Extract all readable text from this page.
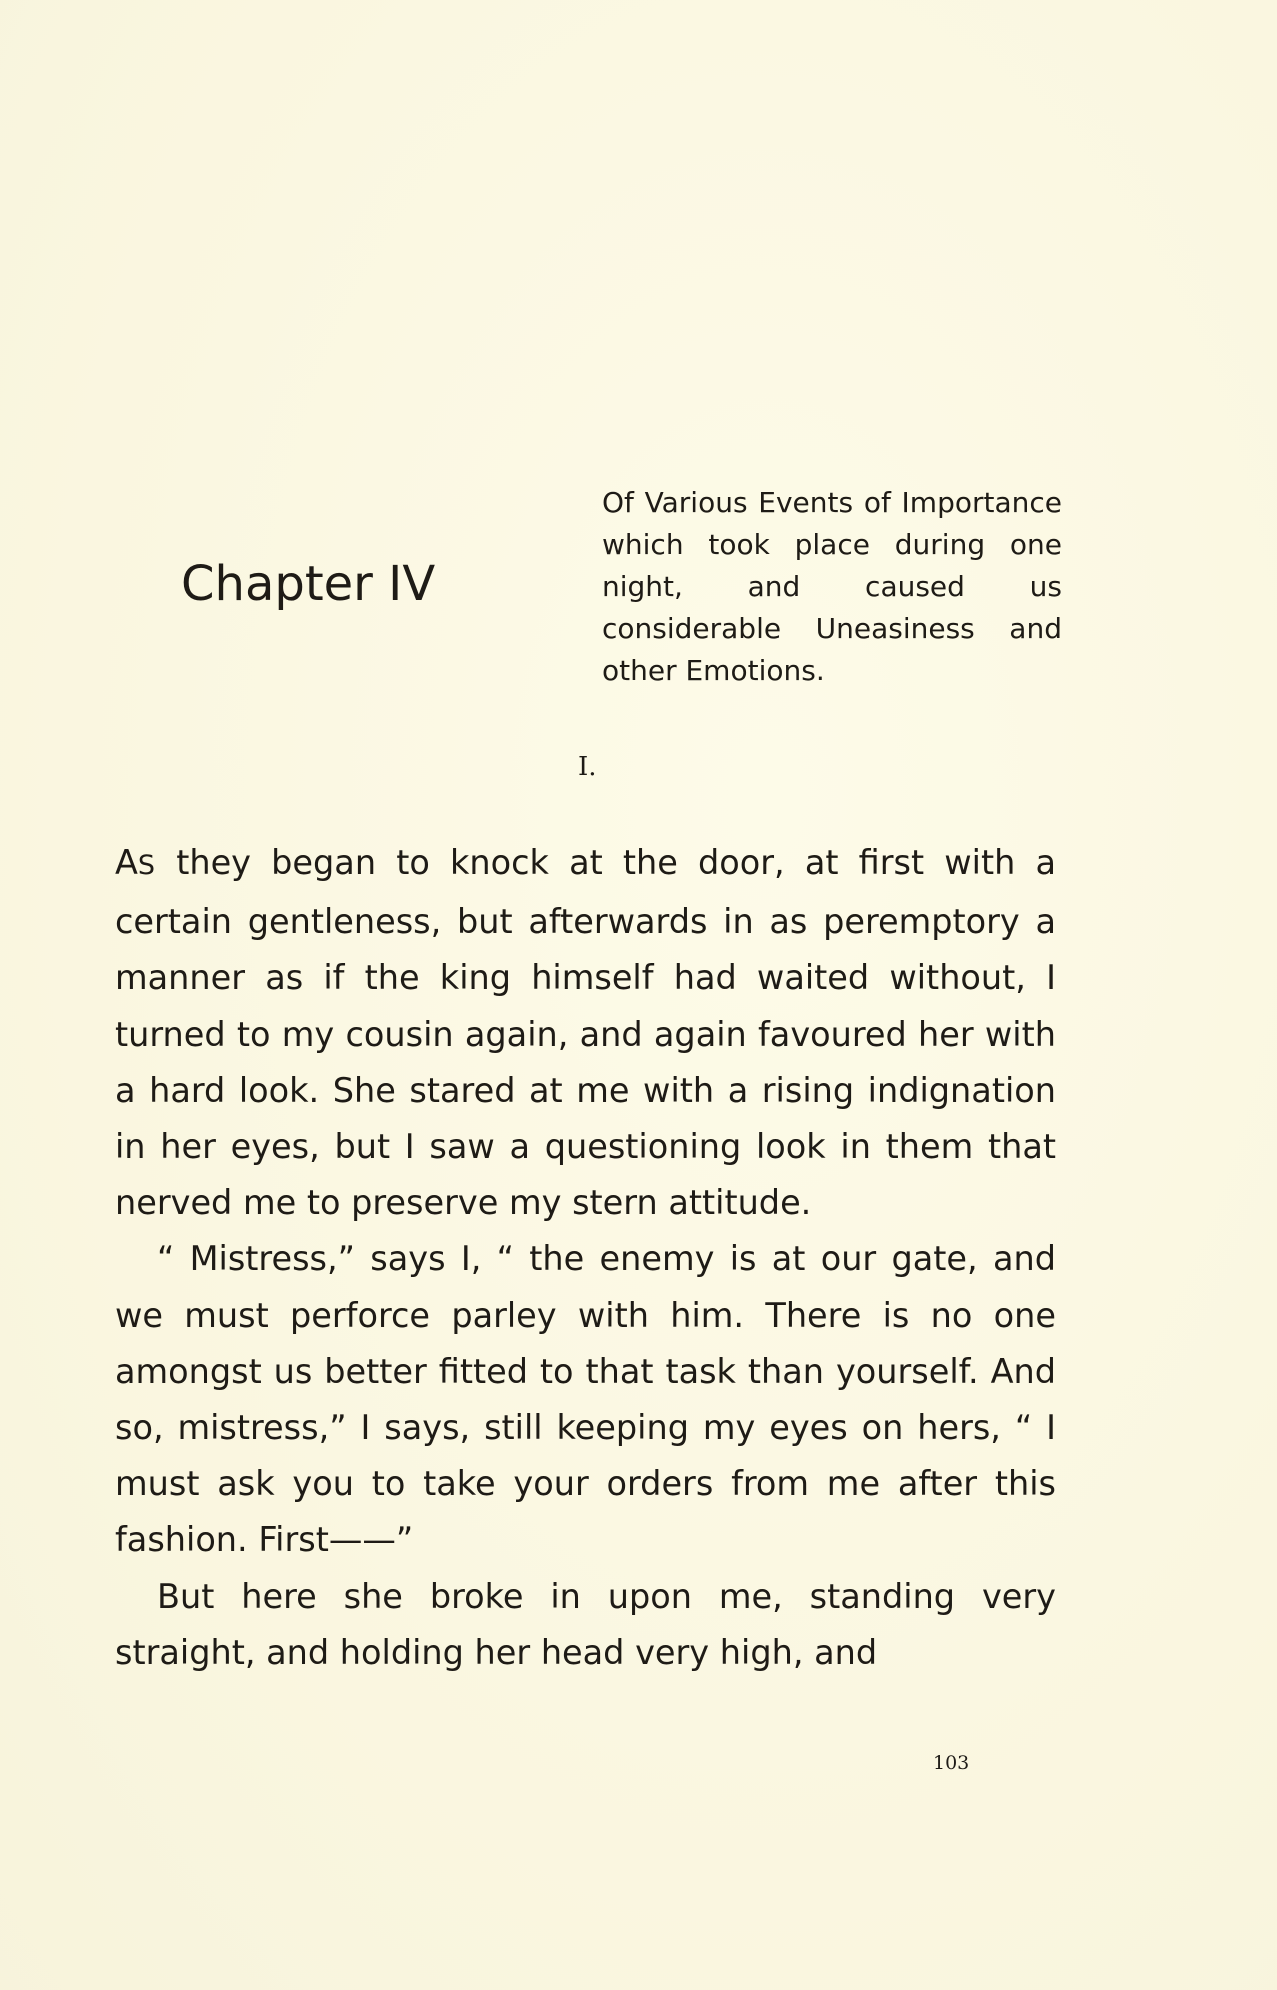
Chapter IV

Of Various Events of Importance which took place during one night, and caused us considerable Uneasiness and other Emotions.

I.

AS they began to knock at the door, at first with a certain gentleness, but afterwards in as peremptory a manner as if the king himself had waited without, I turned to my cousin again, and again favoured her with a hard look. She stared at me with a rising indignation in her eyes, but I saw a questioning look in them that nerved me to preserve my stern attitude.

“ Mistress,” says I, “ the enemy is at our gate, and we must perforce parley with him. There is no one amongst us better fitted to that task than yourself. And so, mistress,” I says, still keeping my eyes on hers, “ I must ask you to take your orders from me after this fashion. First——”

But here she broke in upon me, standing very straight, and holding her head very high, and

103
